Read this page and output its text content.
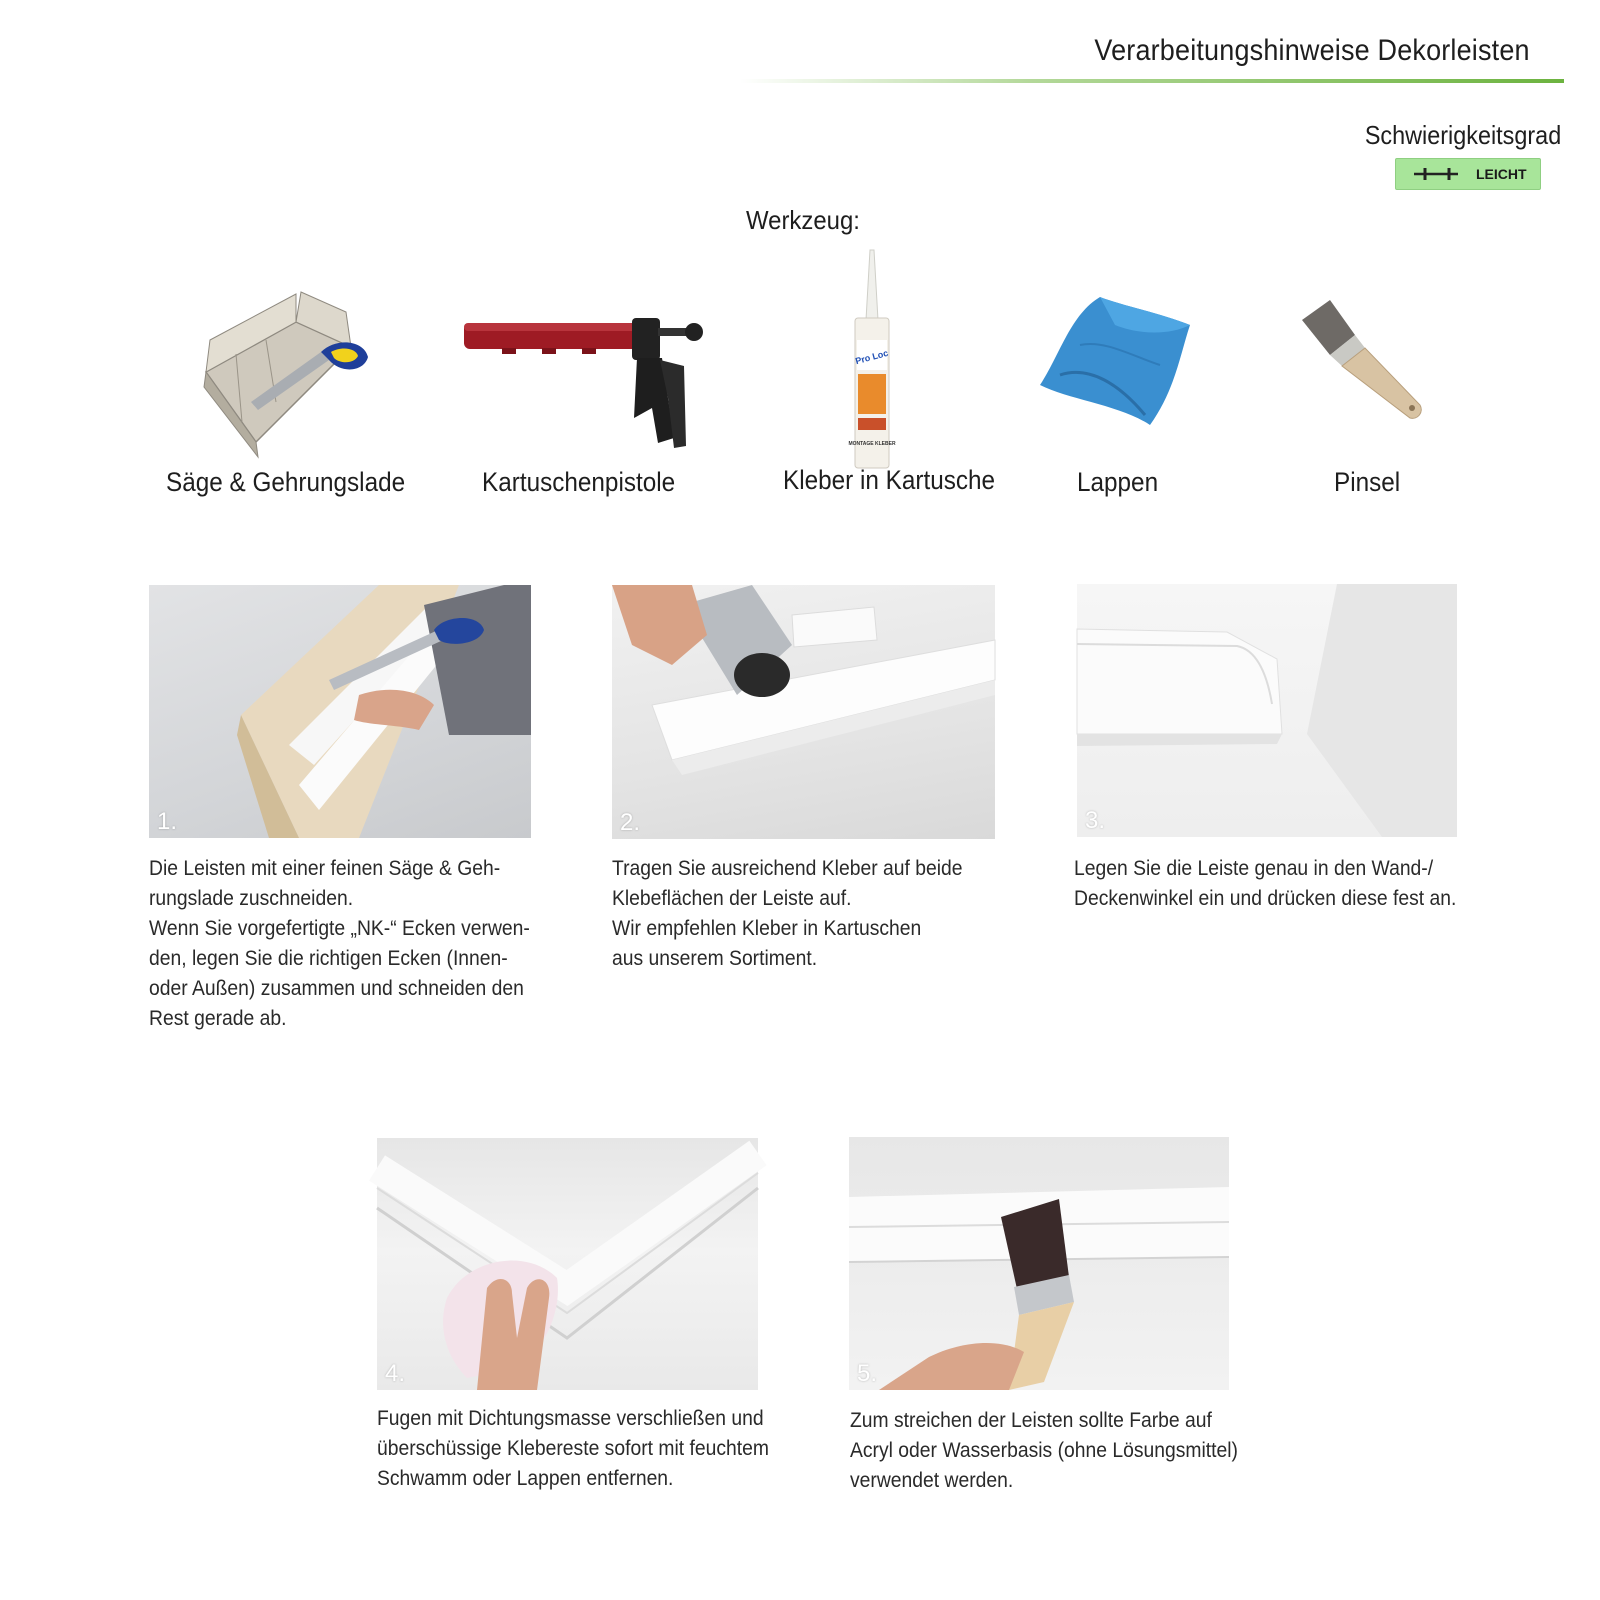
Verarbeitungshinweise Dekorleisten
Schwierigkeitsgrad
LEICHT
Werkzeug:
Säge & Gehrungslade	Kartuschenpistole
Pro Loc
MONTAGE KLEBER
Kleber in Kartusche	Lappen	Pinsel
1.
Die Leisten mit einer feinen Säge & Geh-
rungslade zuschneiden.
Wenn Sie vorgefertigte „NK-“ Ecken verwen-
den, legen Sie die richtigen Ecken (Innen-
oder Außen) zusammen und schneiden den
Rest gerade ab.
2.
Tragen Sie ausreichend Kleber auf beide
Klebeflächen der Leiste auf.
Wir empfehlen Kleber in Kartuschen
aus unserem Sortiment.
3.
Legen Sie die Leiste genau in den Wand-/
Deckenwinkel ein und drücken diese fest an.
4.
Fugen mit Dichtungsmasse verschließen und
überschüssige Klebereste sofort mit feuchtem
Schwamm oder Lappen entfernen.
5.
Zum streichen der Leisten sollte Farbe auf
Acryl oder Wasserbasis (ohne Lösungsmittel)
verwendet werden.
